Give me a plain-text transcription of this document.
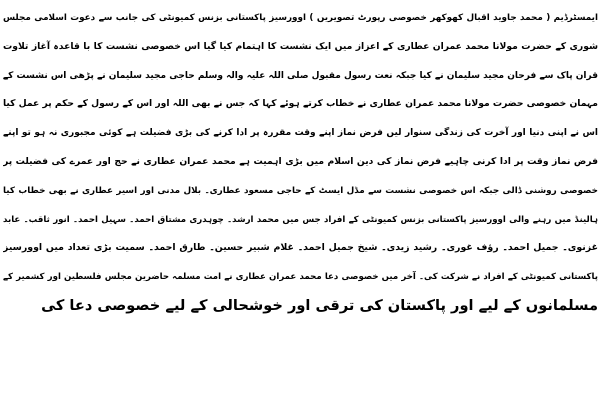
ایمسٹرڈیم ( محمد جاوید اقبال کھوکھر خصوصی رپورٹ تصویریں ) اوورسیز پاکستانی بزنس کمیونٹی کی جانب سے دعوت اسلامی مجلس
شوری کے حضرت مولانا محمد عمران عطاری کے اعزاز میں ایک نشست کا اہتمام کیا گیا اس خصوصی نشست کا با قاعدہ آغاز تلاوت
قران پاک سے فرحان مجید سلیمان نے کیا جبکہ نعت رسول مقبول صلی اللہ علیہ والہ وسلم حاجی مجید سلیمان نے پڑھی اس نشست کے
مہمان خصوصی حضرت مولانا محمد عمران عطاری نے خطاب کرتے ہوئے کہا کہ جس نے بھی اللہ اور اس کے رسول کے حکم پر عمل کیا
اس نے اپنی دنیا اور آخرت کی زندگی سنوار لیں فرض نماز اپنے وقت مقررہ پر ادا کرنے کی بڑی فضیلت ہے کوئی مجبوری نہ ہو تو اپنے
فرض نماز وقت پر ادا کرنی چاہیے فرض نماز کی دین اسلام میں بڑی اہمیت ہے محمد عمران عطاری نے حج اور عمرے کی فضیلت پر
خصوصی روشنی ڈالی جبکہ اس خصوصی نشست سے مڈل ایسٹ کے حاجی مسعود عطاری۔ بلال مدنی اور اسیر عطاری نے بھی خطاب کیا
ہالینڈ میں رہنے والی اوورسیز پاکستانی بزنس کمیونٹی کے افراد جس میں محمد ارشد۔ چوہدری مشتاق احمد۔ سہیل احمد۔ انور ثاقب۔ عابد
غزنوی۔ جمیل احمد۔ رؤف غوری۔ رشید زیدی۔ شیخ جمیل احمد۔ غلام شبیر حسین۔ طارق احمد۔ سمیت بڑی تعداد میں اوورسیز
پاکستانی کمیونٹی کے افراد نے شرکت کی۔ آخر میں خصوصی دعا محمد عمران عطاری نے امت مسلمہ حاضرین مجلس فلسطین اور کشمیر کے
مسلمانوں کے لیے اور پاکستان کی ترقی اور خوشحالی کے لیے خصوصی دعا کی
